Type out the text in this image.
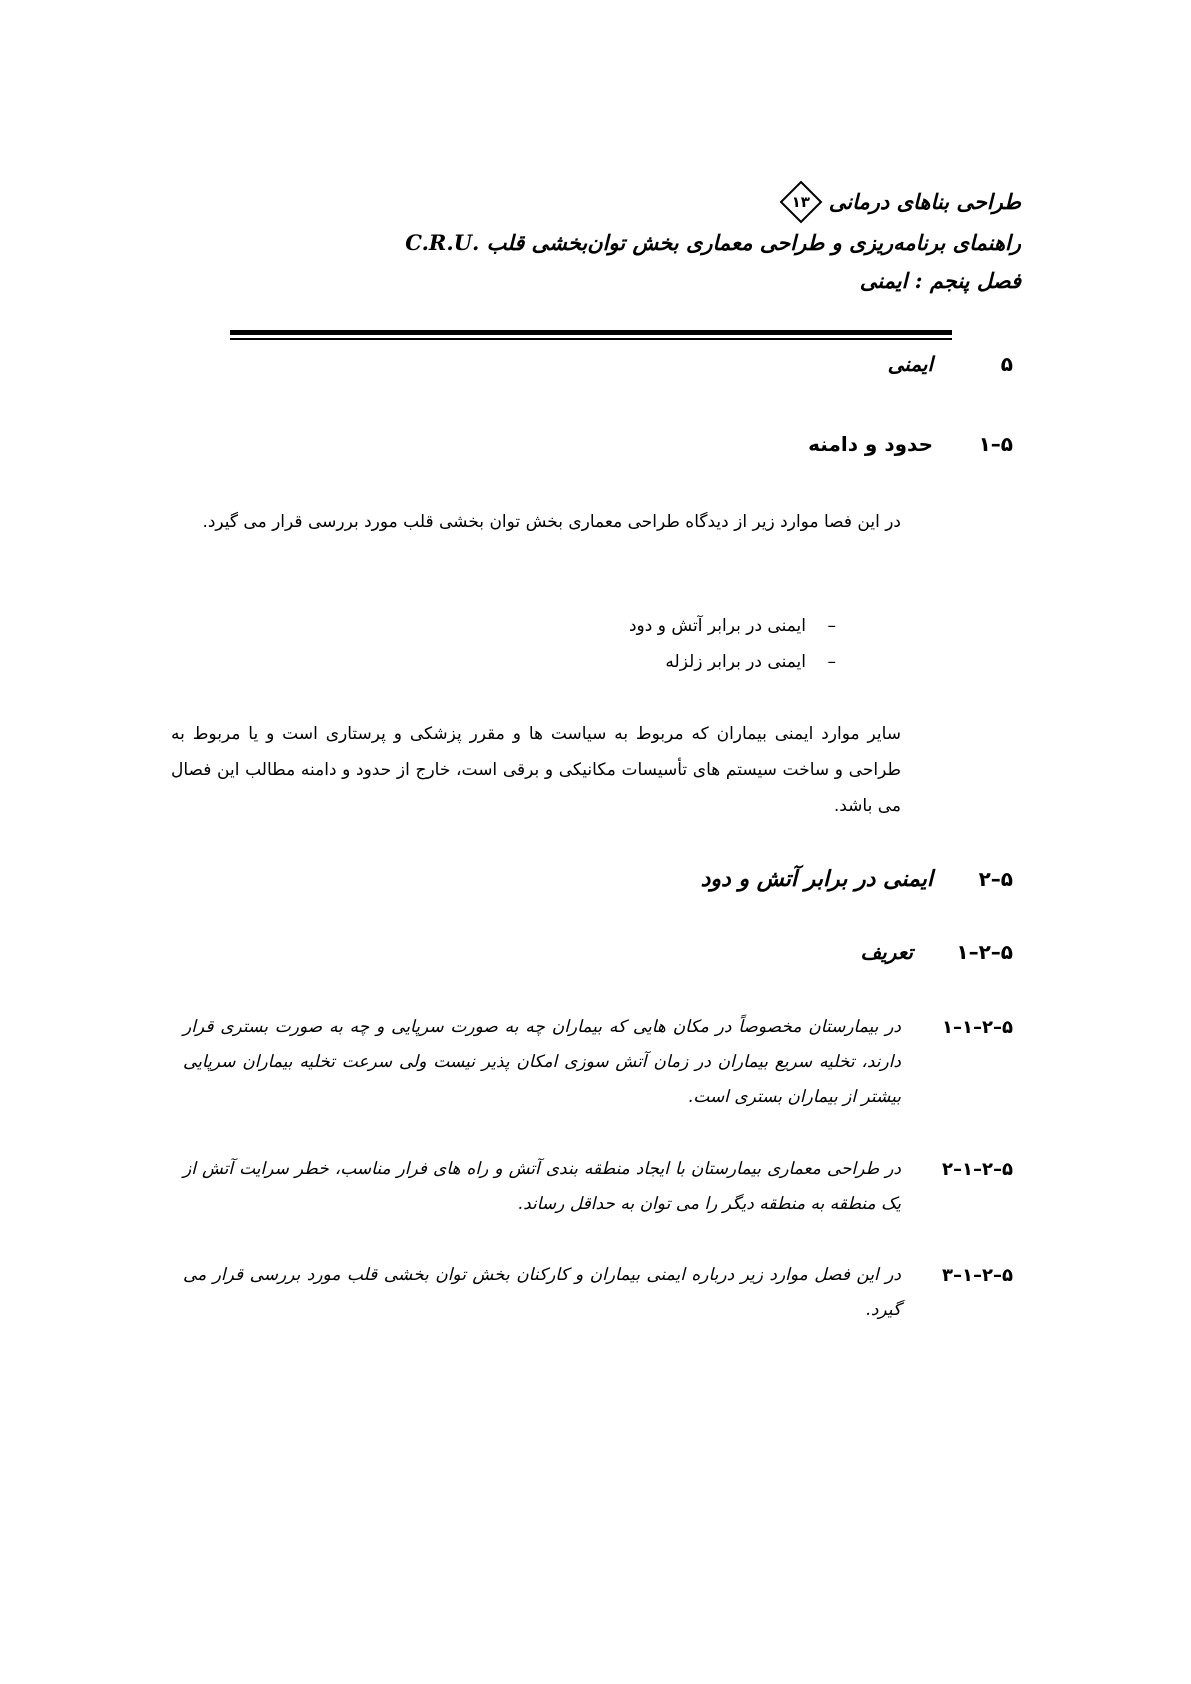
طراحی بناهای درمانی
۱۳
راهنمای برنامه‌ریزی و طراحی معماری بخش توان‌بخشی قلب .C.R.U
فصل پنجم : ایمنی
۵
ایمنی
۵–۱
حدود و دامنه

در این فصا موارد زیر از دیدگاه طراحی معماری بخش توان بخشی قلب مورد بررسی قرار می گیرد.

–
ایمنی در برابر آتش و دود
–
ایمنی در برابر زلزله

سایر موارد ایمنی بیماران که مربوط به سیاست ها و مقرر پزشکی و پرستاری است و یا مربوط به طراحی و ساخت سیستم های تأسیسات مکانیکی و برقی است، خارج از حدود و دامنه مطالب این فصال می باشد.

۵–۲
ایمنی در برابر آتش و دود
۵–۲–۱
تعریف
۵–۲–۱–۱
در بیمارستان مخصوصاً در مکان هایی که بیماران چه به صورت سرپایی و چه به صورت بستری قرار دارند، تخلیه سریع بیماران در زمان آتش سوزی امکان پذیر نیست ولی سرعت تخلیه بیماران سرپایی بیشتر از بیماران بستری است.
۵–۲–۱–۲
در طراحی معماری بیمارستان با ایجاد منطقه بندی آتش و راه های فرار مناسب، خطر سرایت آتش از یک منطقه به منطقه دیگر را می توان به حداقل رساند.
۵–۲–۱–۳
در این فصل موارد زیر درباره ایمنی بیماران و کارکنان بخش توان بخشی قلب مورد بررسی قرار می گیرد.
